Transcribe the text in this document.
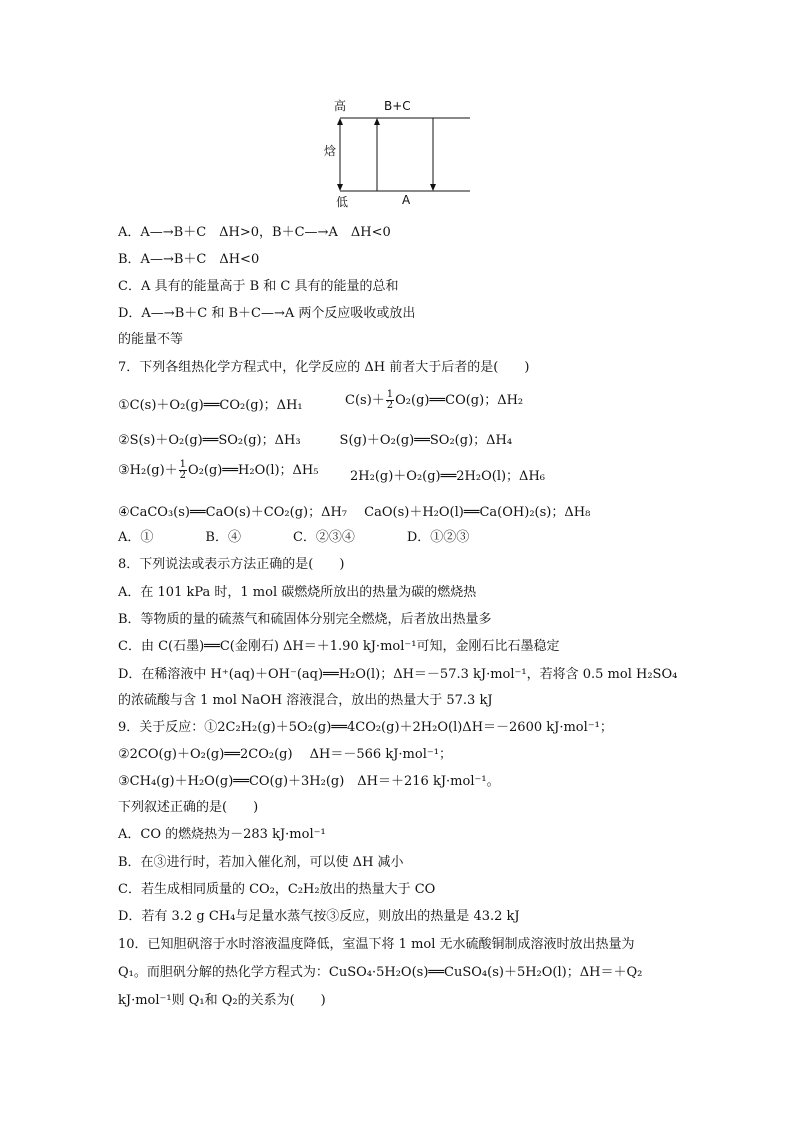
高	B+C
焓
低	A
A．A—→B＋C　ΔH>0，B＋C—→A　ΔH<0
B．A—→B＋C　ΔH<0
C．A 具有的能量高于 B 和 C 具有的能量的总和
D．A—→B＋C 和 B＋C—→A 两个反应吸收或放出
的能量不等
7．下列各组热化学方程式中，化学反应的 ΔH 前者大于后者的是(　　)
①C(s)＋O₂(g)══CO₂(g)；ΔH₁	$C(s)+ \frac{1}{2}$ O₂(g)══CO(g)；ΔH₂
②S(s)＋O₂(g)══SO₂(g)；ΔH₃　　　S(g)＋O₂(g)══SO₂(g)；ΔH₄
③H₂(g)＋ $\frac{1}{2}$ O₂(g)══H₂O(l)；ΔH₅ 2H₂(g)＋O₂(g)══2H₂O(l)；ΔH₆
④CaCO₃(s)══CaO(s)＋CO₂(g)；ΔH₇　 CaO(s)＋H₂O(l)══Ca(OH)₂(s)；ΔH₈
A．①　　　　B．④　　　　C．②③④　　　　D．①②③
8．下列说法或表示方法正确的是(　　)
A．在 101 kPa 时，1 mol 碳燃烧所放出的热量为碳的燃烧热
B．等物质的量的硫蒸气和硫固体分别完全燃烧，后者放出热量多
C．由 C(石墨)══C(金刚石) ΔH＝＋1.90 kJ·mol⁻¹可知，金刚石比石墨稳定
D．在稀溶液中 H⁺(aq)＋OH⁻(aq)══H₂O(l)；ΔH＝－57.3 kJ·mol⁻¹，若将含 0.5 mol H₂SO₄
的浓硫酸与含 1 mol NaOH 溶液混合，放出的热量大于 57.3 kJ
9．关于反应：①2C₂H₂(g)＋5O₂(g)══4CO₂(g)＋2H₂O(l)ΔH＝－2600 kJ·mol⁻¹；
②2CO(g)＋O₂(g)══2CO₂(g)　 ΔH＝－566 kJ·mol⁻¹；
③CH₄(g)＋H₂O(g)══CO(g)＋3H₂(g)　ΔH＝＋216 kJ·mol⁻¹。
下列叙述正确的是(　　)
A．CO 的燃烧热为－283 kJ·mol⁻¹
B．在③进行时，若加入催化剂，可以使 ΔH 减小
C．若生成相同质量的 CO₂，C₂H₂放出的热量大于 CO
D．若有 3.2 g CH₄与足量水蒸气按③反应，则放出的热量是 43.2 kJ
10．已知胆矾溶于水时溶液温度降低，室温下将 1 mol 无水硫酸铜制成溶液时放出热量为
Q₁。而胆矾分解的热化学方程式为：CuSO₄·5H₂O(s)══CuSO₄(s)＋5H₂O(l)；ΔH＝＋Q₂
kJ·mol⁻¹则 Q₁和 Q₂的关系为(　　)
